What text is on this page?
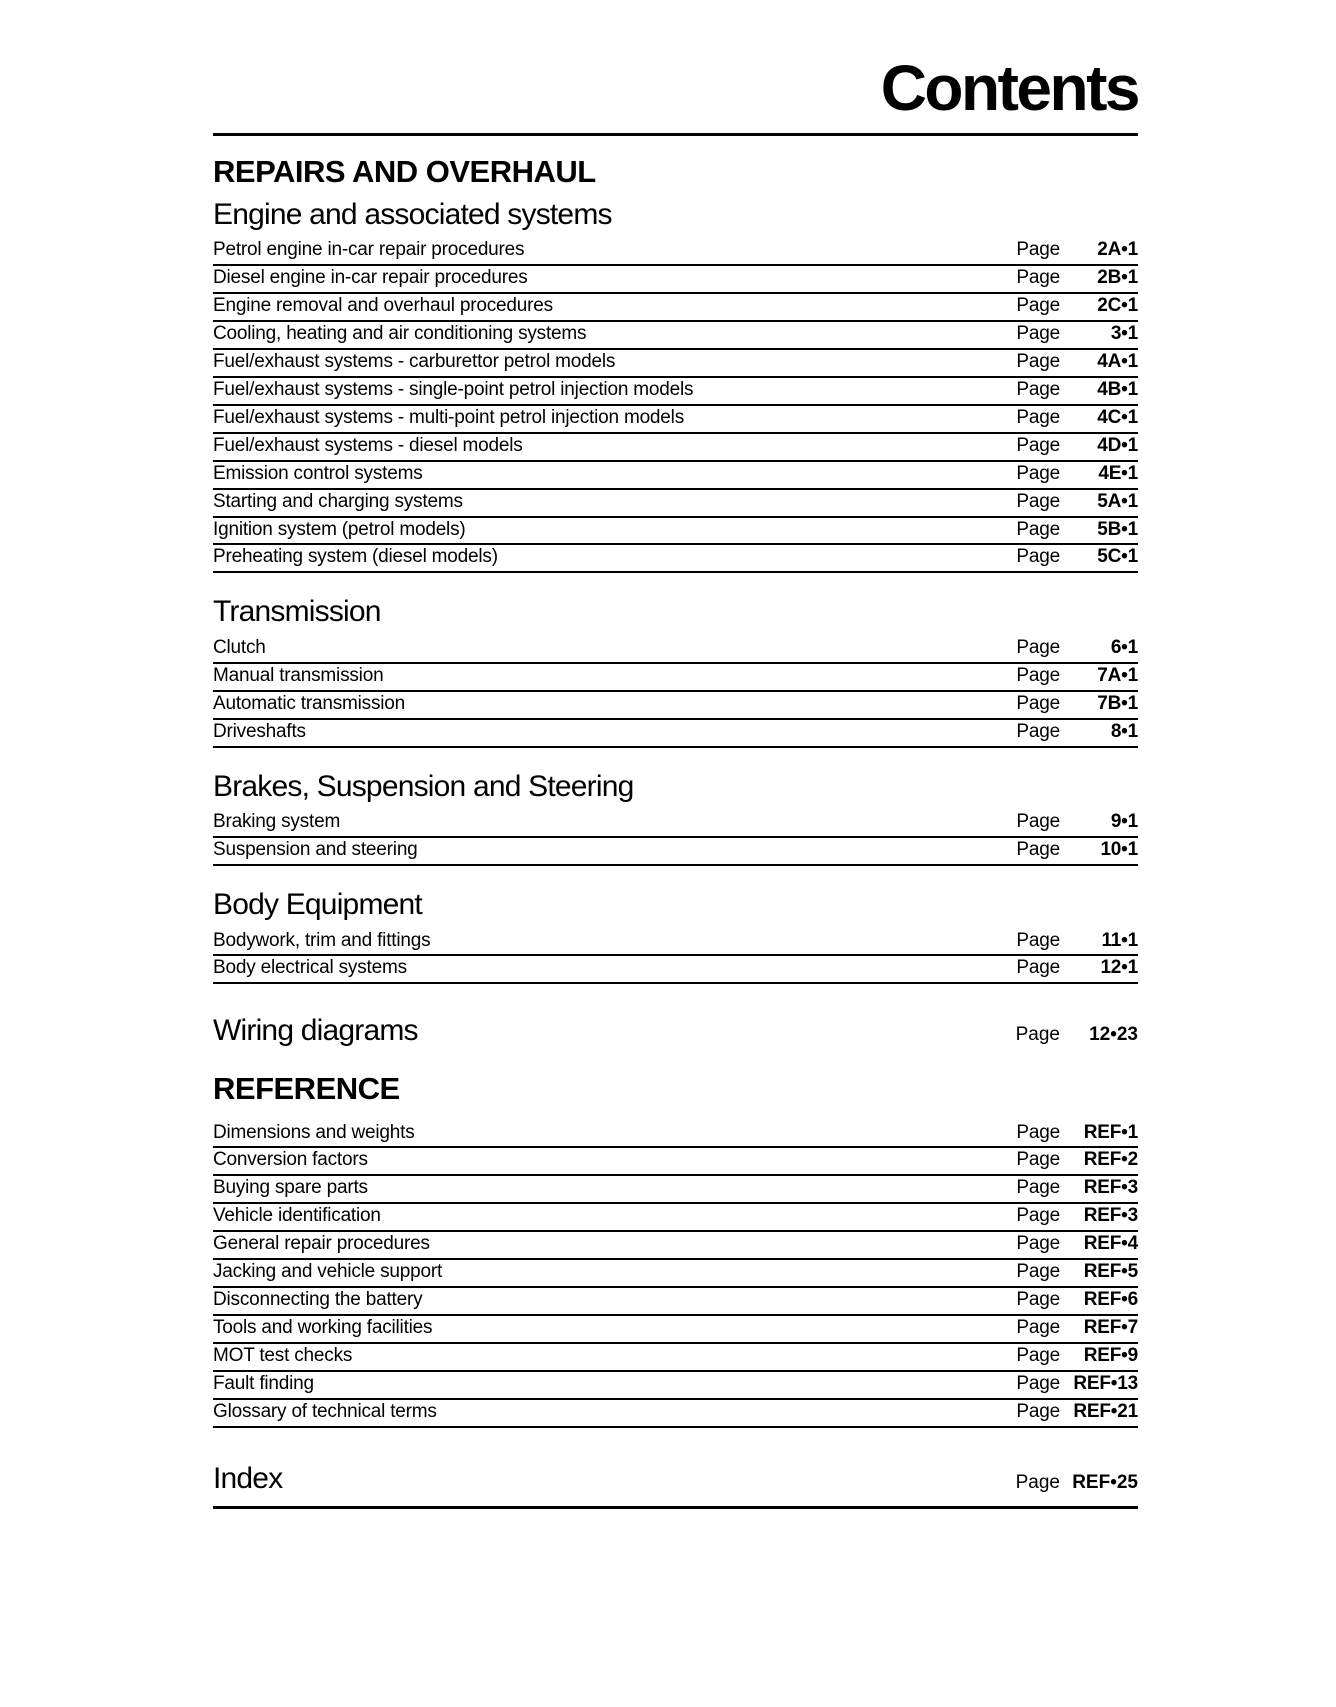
Contents
REPAIRS AND OVERHAUL
Engine and associated systems
Petrol engine in-car repair procedures	Page	2A•1
Diesel engine in-car repair procedures	Page	2B•1
Engine removal and overhaul procedures	Page	2C•1
Cooling, heating and air conditioning systems	Page	3•1
Fuel/exhaust systems - carburettor petrol models	Page	4A•1
Fuel/exhaust systems - single-point petrol injection models	Page	4B•1
Fuel/exhaust systems - multi-point petrol injection models	Page	4C•1
Fuel/exhaust systems - diesel models	Page	4D•1
Emission control systems	Page	4E•1
Starting and charging systems	Page	5A•1
Ignition system (petrol models)	Page	5B•1
Preheating system (diesel models)	Page	5C•1
Transmission
Clutch	Page	6•1
Manual transmission	Page	7A•1
Automatic transmission	Page	7B•1
Driveshafts	Page	8•1
Brakes, Suspension and Steering
Braking system	Page	9•1
Suspension and steering	Page	10•1
Body Equipment
Bodywork, trim and fittings	Page	11•1
Body electrical systems	Page	12•1
Wiring diagrams	Page	12•23
REFERENCE
Dimensions and weights	Page	REF•1
Conversion factors	Page	REF•2
Buying spare parts	Page	REF•3
Vehicle identification	Page	REF•3
General repair procedures	Page	REF•4
Jacking and vehicle support	Page	REF•5
Disconnecting the battery	Page	REF•6
Tools and working facilities	Page	REF•7
MOT test checks	Page	REF•9
Fault finding	Page REF•13
Glossary of technical terms	Page REF•21
Index	Page REF•25
